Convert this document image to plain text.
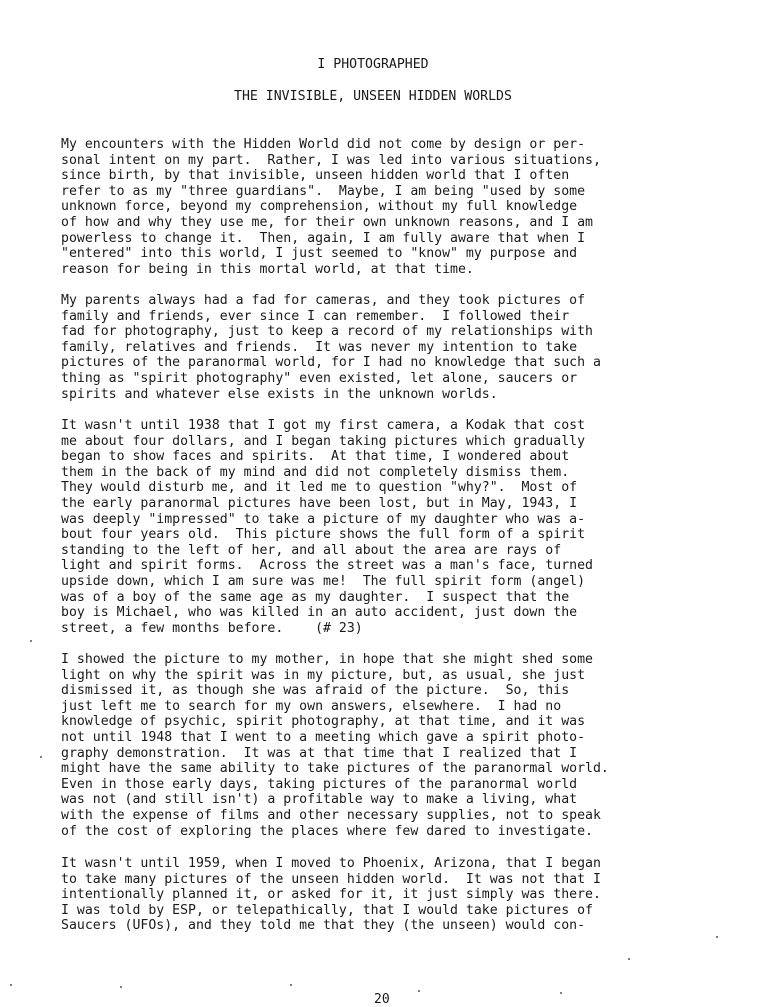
I PHOTOGRAPHED
THE INVISIBLE, UNSEEN HIDDEN WORLDS
My encounters with the Hidden World did not come by design or per-
sonal intent on my part.  Rather, I was led into various situations,
since birth, by that invisible, unseen hidden world that I often
refer to as my "three guardians".  Maybe, I am being "used by some
unknown force, beyond my comprehension, without my full knowledge
of how and why they use me, for their own unknown reasons, and I am
powerless to change it.  Then, again, I am fully aware that when I
"entered" into this world, I just seemed to "know" my purpose and
reason for being in this mortal world, at that time.
My parents always had a fad for cameras, and they took pictures of
family and friends, ever since I can remember.  I followed their
fad for photography, just to keep a record of my relationships with
family, relatives and friends.  It was never my intention to take
pictures of the paranormal world, for I had no knowledge that such a
thing as "spirit photography" even existed, let alone, saucers or
spirits and whatever else exists in the unknown worlds.
It wasn't until 1938 that I got my first camera, a Kodak that cost
me about four dollars, and I began taking pictures which gradually
began to show faces and spirits.  At that time, I wondered about
them in the back of my mind and did not completely dismiss them.
They would disturb me, and it led me to question "why?".  Most of
the early paranormal pictures have been lost, but in May, 1943, I
was deeply "impressed" to take a picture of my daughter who was a-
bout four years old.  This picture shows the full form of a spirit
standing to the left of her, and all about the area are rays of
light and spirit forms.  Across the street was a man's face, turned
upside down, which I am sure was me!  The full spirit form (angel)
was of a boy of the same age as my daughter.  I suspect that the
boy is Michael, who was killed in an auto accident, just down the
street, a few months before.    (# 23)
I showed the picture to my mother, in hope that she might shed some
light on why the spirit was in my picture, but, as usual, she just
dismissed it, as though she was afraid of the picture.  So, this
just left me to search for my own answers, elsewhere.  I had no
knowledge of psychic, spirit photography, at that time, and it was
not until 1948 that I went to a meeting which gave a spirit photo-
graphy demonstration.  It was at that time that I realized that I
might have the same ability to take pictures of the paranormal world.
Even in those early days, taking pictures of the paranormal world
was not (and still isn't) a profitable way to make a living, what
with the expense of films and other necessary supplies, not to speak
of the cost of exploring the places where few dared to investigate.
It wasn't until 1959, when I moved to Phoenix, Arizona, that I began
to take many pictures of the unseen hidden world.  It was not that I
intentionally planned it, or asked for it, it just simply was there.
I was told by ESP, or telepathically, that I would take pictures of
Saucers (UFOs), and they told me that they (the unseen) would con-
20
